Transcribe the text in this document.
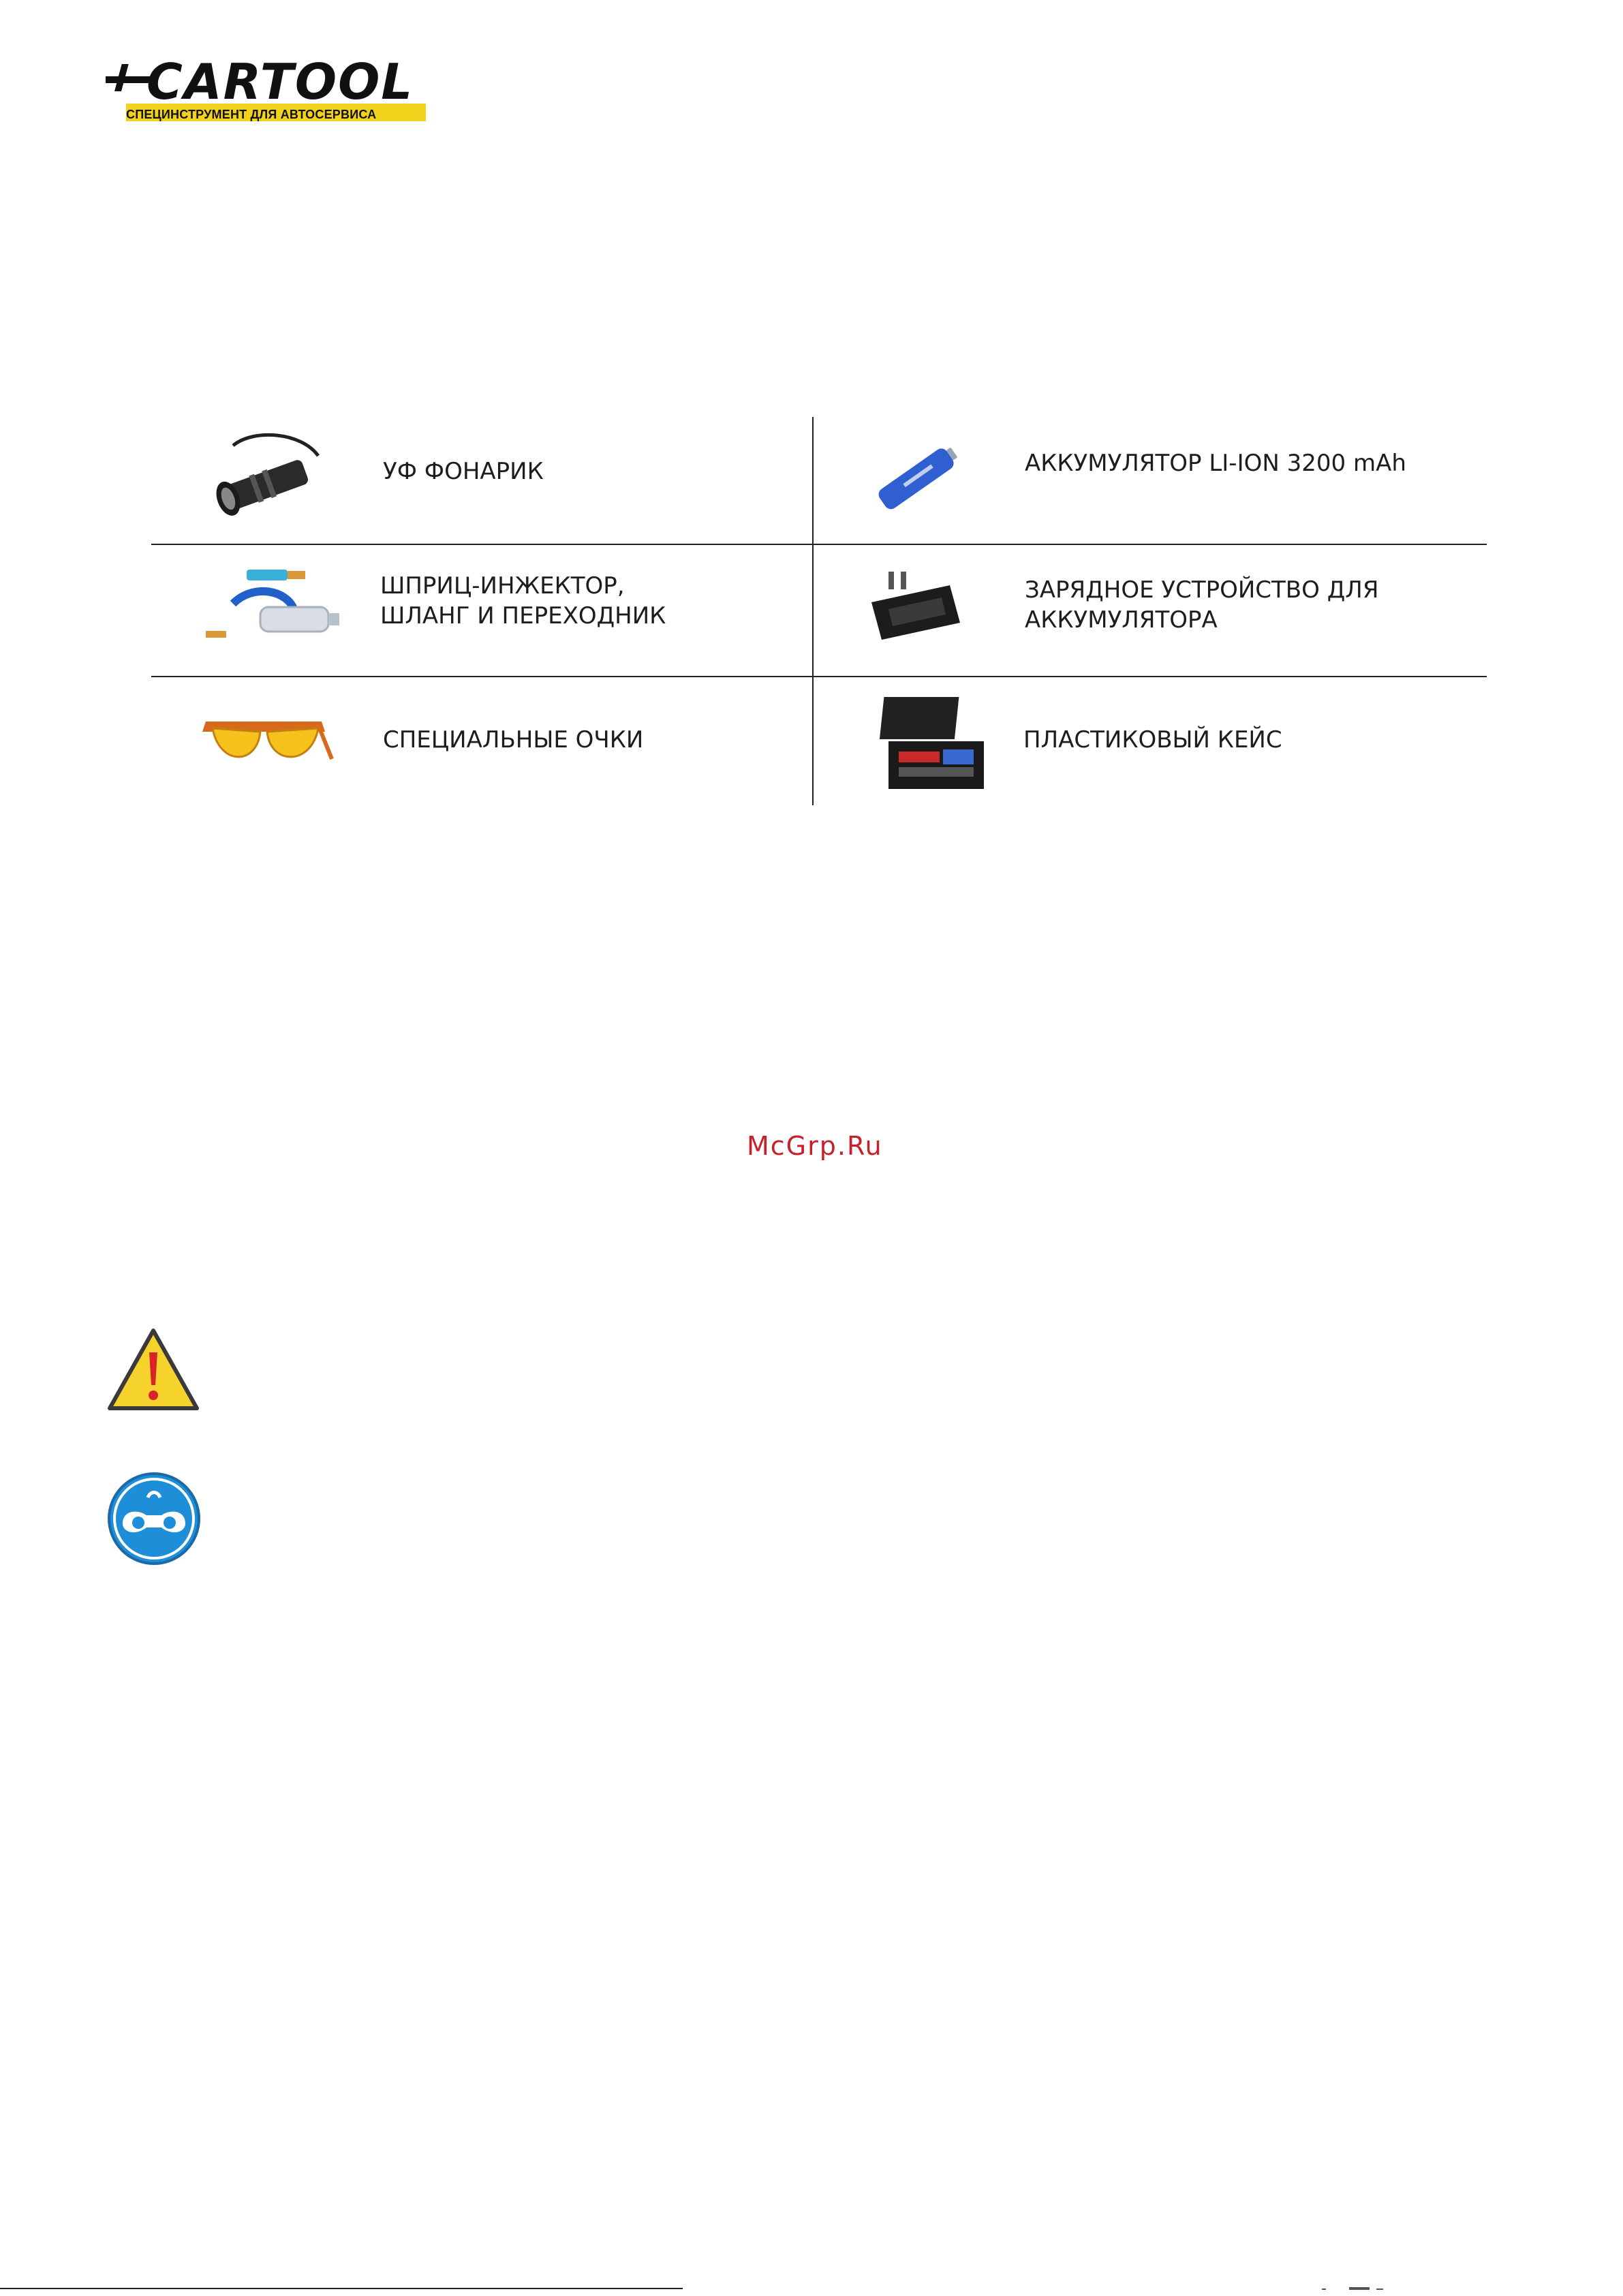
CARTOOL
СПЕЦИНСТРУМЕНТ ДЛЯ АВТОСЕРВИСА
УФ ФОНАРИК	АККУМУЛЯТОР LI-ION 3200 mAh
ШПРИЦ-ИНЖЕКТОР,
ШЛАНГ И ПЕРЕХОДНИК
ЗАРЯДНОЕ УСТРОЙСТВО ДЛЯ
АККУМУЛЯТОРА
СПЕЦИАЛЬНЫЕ ОЧКИ	ПЛАСТИКОВЫЙ КЕЙС
McGrp.Ru
